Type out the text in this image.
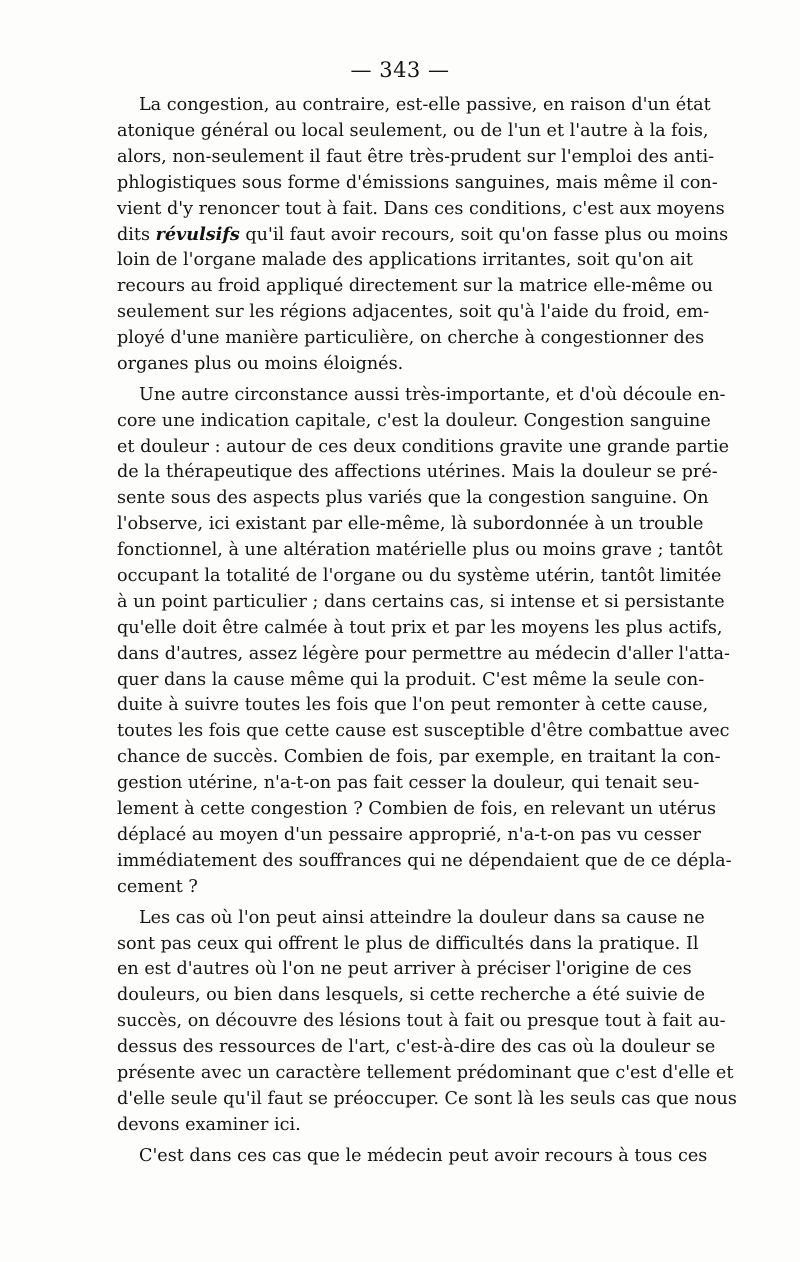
— 343 —
La congestion, au contraire, est-elle passive, en raison d'un état
atonique général ou local seulement, ou de l'un et l'autre à la fois,
alors, non-seulement il faut être très-prudent sur l'emploi des anti-
phlogistiques sous forme d'émissions sanguines, mais même il con-
vient d'y renoncer tout à fait. Dans ces conditions, c'est aux moyens
dits révulsifs qu'il faut avoir recours, soit qu'on fasse plus ou moins
loin de l'organe malade des applications irritantes, soit qu'on ait
recours au froid appliqué directement sur la matrice elle-même ou
seulement sur les régions adjacentes, soit qu'à l'aide du froid, em-
ployé d'une manière particulière, on cherche à congestionner des
organes plus ou moins éloignés.
Une autre circonstance aussi très-importante, et d'où découle en-
core une indication capitale, c'est la douleur. Congestion sanguine
et douleur : autour de ces deux conditions gravite une grande partie
de la thérapeutique des affections utérines. Mais la douleur se pré-
sente sous des aspects plus variés que la congestion sanguine. On
l'observe, ici existant par elle-même, là subordonnée à un trouble
fonctionnel, à une altération matérielle plus ou moins grave ; tantôt
occupant la totalité de l'organe ou du système utérin, tantôt limitée
à un point particulier ; dans certains cas, si intense et si persistante
qu'elle doit être calmée à tout prix et par les moyens les plus actifs,
dans d'autres, assez légère pour permettre au médecin d'aller l'atta-
quer dans la cause même qui la produit. C'est même la seule con-
duite à suivre toutes les fois que l'on peut remonter à cette cause,
toutes les fois que cette cause est susceptible d'être combattue avec
chance de succès. Combien de fois, par exemple, en traitant la con-
gestion utérine, n'a-t-on pas fait cesser la douleur, qui tenait seu-
lement à cette congestion ? Combien de fois, en relevant un utérus
déplacé au moyen d'un pessaire approprié, n'a-t-on pas vu cesser
immédiatement des souffrances qui ne dépendaient que de ce dépla-
cement ?
Les cas où l'on peut ainsi atteindre la douleur dans sa cause ne
sont pas ceux qui offrent le plus de difficultés dans la pratique. Il
en est d'autres où l'on ne peut arriver à préciser l'origine de ces
douleurs, ou bien dans lesquels, si cette recherche a été suivie de
succès, on découvre des lésions tout à fait ou presque tout à fait au-
dessus des ressources de l'art, c'est-à-dire des cas où la douleur se
présente avec un caractère tellement prédominant que c'est d'elle et
d'elle seule qu'il faut se préoccuper. Ce sont là les seuls cas que nous
devons examiner ici.
C'est dans ces cas que le médecin peut avoir recours à tous ces
